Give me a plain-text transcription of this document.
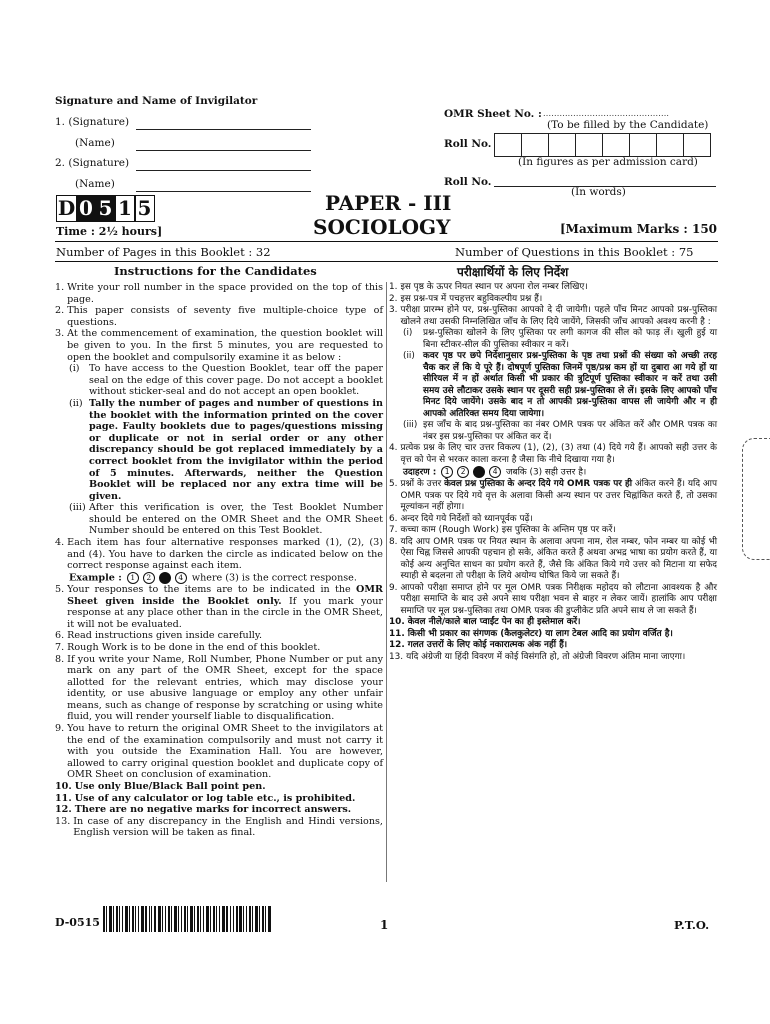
Signature and Name of Invigilator
1. (Signature)
(Name)
2. (Signature)
(Name)
OMR Sheet No. : ..............................................
(To be filled by the Candidate)
Roll No.
(In figures as per admission card)
Roll No.
(In words)
D 0 5 1 5	PAPER - III
SOCIOLOGY
Time : 2½ hours]	[Maximum Marks : 150
Number of Pages in this Booklet : 32	Number of Questions in this Booklet : 75
Instructions for the Candidates	परीक्षार्थियों के लिए निर्देश
1. Write your roll number in the space provided on the top of this page.
2. This paper consists of seventy five multiple-choice type of questions.
3. At the commencement of examination, the question booklet will be given to you. In the first 5 minutes, you are requested to open the booklet and compulsorily examine it as below :
(i) To have access to the Question Booklet, tear off the paper seal on the edge of this cover page. Do not accept a booklet without sticker-seal and do not accept an open booklet.
(ii) Tally the number of pages and number of questions in the booklet with the information printed on the cover page. Faulty booklets due to pages/questions missing or duplicate or not in serial order or any other discrepancy should be got replaced immediately by a correct booklet from the invigilator within the period of 5 minutes. Afterwards, neither the Question Booklet will be replaced nor any extra time will be given.
(iii) After this verification is over, the Test Booklet Number should be entered on the OMR Sheet and the OMR Sheet Number should be entered on this Test Booklet.
4. Each item has four alternative responses marked (1), (2), (3) and (4). You have to darken the circle as indicated below on the correct response against each item.
Example : 1 2	4 where (3) is the correct response.
5. Your responses to the items are to be indicated in the OMR Sheet given inside the Booklet only. If you mark your response at any place other than in the circle in the OMR Sheet, it will not be evaluated.
6. Read instructions given inside carefully.
7. Rough Work is to be done in the end of this booklet.
8. If you write your Name, Roll Number, Phone Number or put any mark on any part of the OMR Sheet, except for the space allotted for the relevant entries, which may disclose your identity, or use abusive language or employ any other unfair means, such as change of response by scratching or using white fluid, you will render yourself liable to disqualification.
9. You have to return the original OMR Sheet to the invigilators at the end of the examination compulsorily and must not carry it with you outside the Examination Hall. You are however, allowed to carry original question booklet and duplicate copy of OMR Sheet on conclusion of examination.
10. Use only Blue/Black Ball point pen.
11. Use of any calculator or log table etc., is prohibited.
12. There are no negative marks for incorrect answers.
13. In case of any discrepancy in the English and Hindi versions, English version will be taken as final.
1. इस पृष्ठ के ऊपर नियत स्थान पर अपना रोल नम्बर लिखिए।
2. इस प्रश्न-पत्र में पचहत्तर बहुविकल्पीय प्रश्न हैं।
3. परीक्षा प्रारम्भ होने पर, प्रश्न-पुस्तिका आपको दे दी जायेगी। पहले पाँच मिनट आपको प्रश्न-पुस्तिका खोलने तथा उसकी निम्नलिखित जाँच के लिए दिये जायेंगे, जिसकी जाँच आपको अवश्य करनी है :
(i)	प्रश्न-पुस्तिका खोलने के लिए पुस्तिका पर लगी कागज की सील को फाड़ लें। खुली हुई या बिना स्टीकर-सील की पुस्तिका स्वीकार न करें।
(ii) कवर पृष्ठ पर छपे निर्देशानुसार प्रश्न-पुस्तिका के पृष्ठ तथा प्रश्नों की संख्या को अच्छी तरह चैक कर लें कि ये पूरे हैं। दोषपूर्ण पुस्तिका जिनमें पृष्ठ/प्रश्न कम हों या दुबारा आ गये हों या सीरियल में न हों अर्थात किसी भी प्रकार की त्रुटिपूर्ण पुस्तिका स्वीकार न करें तथा उसी समय उसे लौटाकर उसके स्थान पर दूसरी सही प्रश्न-पुस्तिका ले लें। इसके लिए आपको पाँच मिनट दिये जायेंगे। उसके बाद न तो आपकी प्रश्न-पुस्तिका वापस ली जायेगी और न ही आपको अतिरिक्त समय दिया जायेगा।
(iii) इस जाँच के बाद प्रश्न-पुस्तिका का नंबर OMR पत्रक पर अंकित करें और OMR पत्रक का नंबर इस प्रश्न-पुस्तिका पर अंकित कर दें।
4. प्रत्येक प्रश्न के लिए चार उत्तर विकल्प (1), (2), (3) तथा (4) दिये गये हैं। आपको सही उत्तर के वृत्त को पेन से भरकर काला करना है जैसा कि नीचे दिखाया गया है।
उदाहरण : 1 2	4 जबकि (3) सही उत्तर है।
5. प्रश्नों के उत्तर केवल प्रश्न पुस्तिका के अन्दर दिये गये OMR पत्रक पर ही अंकित करने हैं। यदि आप OMR पत्रक पर दिये गये वृत्त के अलावा किसी अन्य स्थान पर उत्तर चिह्नांकित करते हैं, तो उसका मूल्यांकन नहीं होगा।
6. अन्दर दिये गये निर्देशों को ध्यानपूर्वक पढ़ें।
7. कच्चा काम (Rough Work) इस पुस्तिका के अन्तिम पृष्ठ पर करें।
8. यदि आप OMR पत्रक पर नियत स्थान के अलावा अपना नाम, रोल नम्बर, फोन नम्बर या कोई भी ऐसा चिह्न जिससे आपकी पहचान हो सके, अंकित करते हैं अथवा अभद्र भाषा का प्रयोग करते हैं, या कोई अन्य अनुचित साधन का प्रयोग करते हैं, जैसे कि अंकित किये गये उत्तर को मिटाना या सफेद स्याही से बदलना तो परीक्षा के लिये अयोग्य घोषित किये जा सकते हैं।
9. आपको परीक्षा समाप्त होने पर मूल OMR पत्रक निरीक्षक महोदय को लौटाना आवश्यक है और परीक्षा समाप्ति के बाद उसे अपने साथ परीक्षा भवन से बाहर न लेकर जायें। हालांकि आप परीक्षा समाप्ति पर मूल प्रश्न-पुस्तिका तथा OMR पत्रक की डुप्लीकेट प्रति अपने साथ ले जा सकते हैं।
10. केवल नीले/काले बाल प्वाईंट पेन का ही इस्तेमाल करें।
11. किसी भी प्रकार का संगणक (कैलकुलेटर) या लाग टेबल आदि का प्रयोग वर्जित है।
12. गलत उत्तरों के लिए कोई नकारात्मक अंक नहीं हैं।
13. यदि अंग्रेजी या हिंदी विवरण में कोई विसंगति हो, तो अंग्रेजी विवरण अंतिम माना जाएगा।
D-0515	1	P.T.O.
